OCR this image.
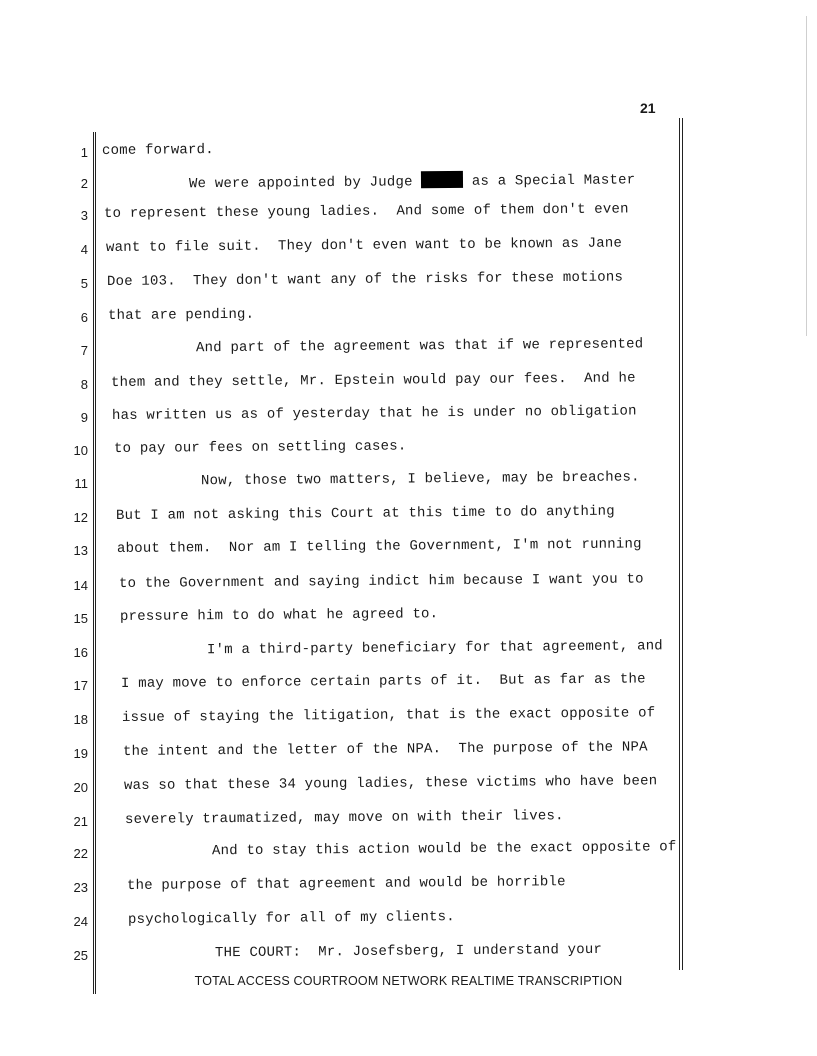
21
1 come forward.
2 We were appointed by Judge	as a Special Master
3 to represent these young ladies.  And some of them don't even
4 want to file suit.  They don't even want to be known as Jane
5 Doe 103.  They don't want any of the risks for these motions
6 that are pending.
7 And part of the agreement was that if we represented
8 them and they settle, Mr. Epstein would pay our fees.  And he
9 has written us as of yesterday that he is under no obligation
10 to pay our fees on settling cases.
11 Now, those two matters, I believe, may be breaches.
12 But I am not asking this Court at this time to do anything
13 about them.  Nor am I telling the Government, I'm not running
14 to the Government and saying indict him because I want you to
15 pressure him to do what he agreed to.
16 I'm a third-party beneficiary for that agreement, and
17 I may move to enforce certain parts of it.  But as far as the
18 issue of staying the litigation, that is the exact opposite of
19 the intent and the letter of the NPA.  The purpose of the NPA
20	was so that these 34 young ladies, these victims who have been
21	severely traumatized, may move on with their lives.
22	And to stay this action would be the exact opposite of
23	the purpose of that agreement and would be horrible
24	psychologically for all of my clients.
25	THE COURT:  Mr. Josefsberg, I understand your
TOTAL ACCESS COURTROOM NETWORK REALTIME TRANSCRIPTION
